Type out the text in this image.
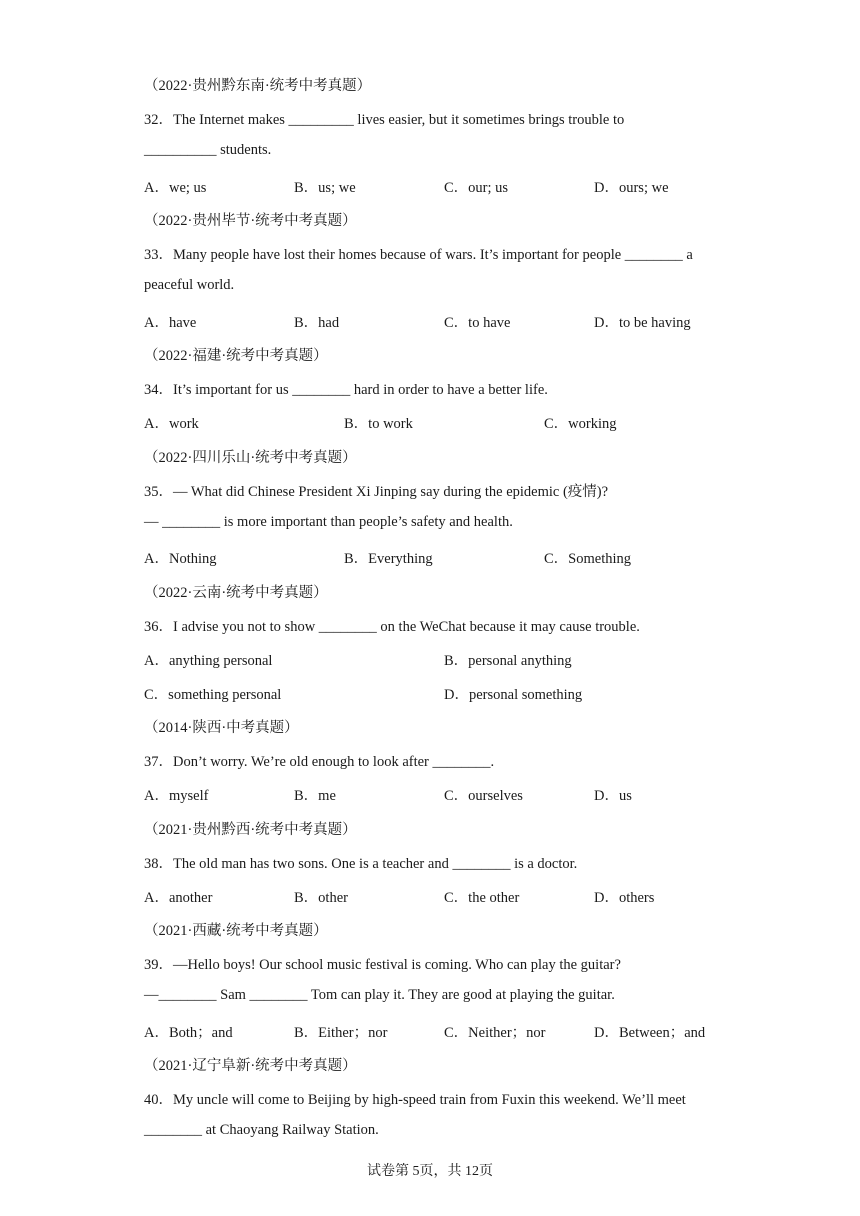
（2022·贵州黔东南·统考中考真题）
32．The Internet makes _________ lives easier, but it sometimes brings trouble to
__________ students.
A．we; us	B．us; we	C．our; us	D．ours; we
（2022·贵州毕节·统考中考真题）
33．Many people have lost their homes because of wars. It’s important for people ________ a
peaceful world.
A．have	B．had	C．to have	D．to be having
（2022·福建·统考中考真题）
34．It’s important for us ________ hard in order to have a better life.
A．work	B．to work	C．working
（2022·四川乐山·统考中考真题）
35．— What did Chinese President Xi Jinping say during the epidemic (疫情)?
— ________ is more important than people’s safety and health.
A．Nothing	B．Everything	C．Something
（2022·云南·统考中考真题）
36．I advise you not to show ________ on the WeChat because it may cause trouble.
A．anything personal	B．personal anything
C．something personal	D．personal something
（2014·陕西·中考真题）
37．Don’t worry. We’re old enough to look after ________.
A．myself	B．me	C．ourselves	D．us
（2021·贵州黔西·统考中考真题）
38．The old man has two sons. One is a teacher and ________ is a doctor.
A．another	B．other	C．the other	D．others
（2021·西藏·统考中考真题）
39．—Hello boys! Our school music festival is coming. Who can play the guitar?
—________ Sam ________ Tom can play it. They are good at playing the guitar.
A．Both；and	B．Either；nor	C．Neither；nor	D．Between；and
（2021·辽宁阜新·统考中考真题）
40．My uncle will come to Beijing by high-speed train from Fuxin this weekend. We’ll meet
________ at Chaoyang Railway Station.
试卷第 5页，共 12页
